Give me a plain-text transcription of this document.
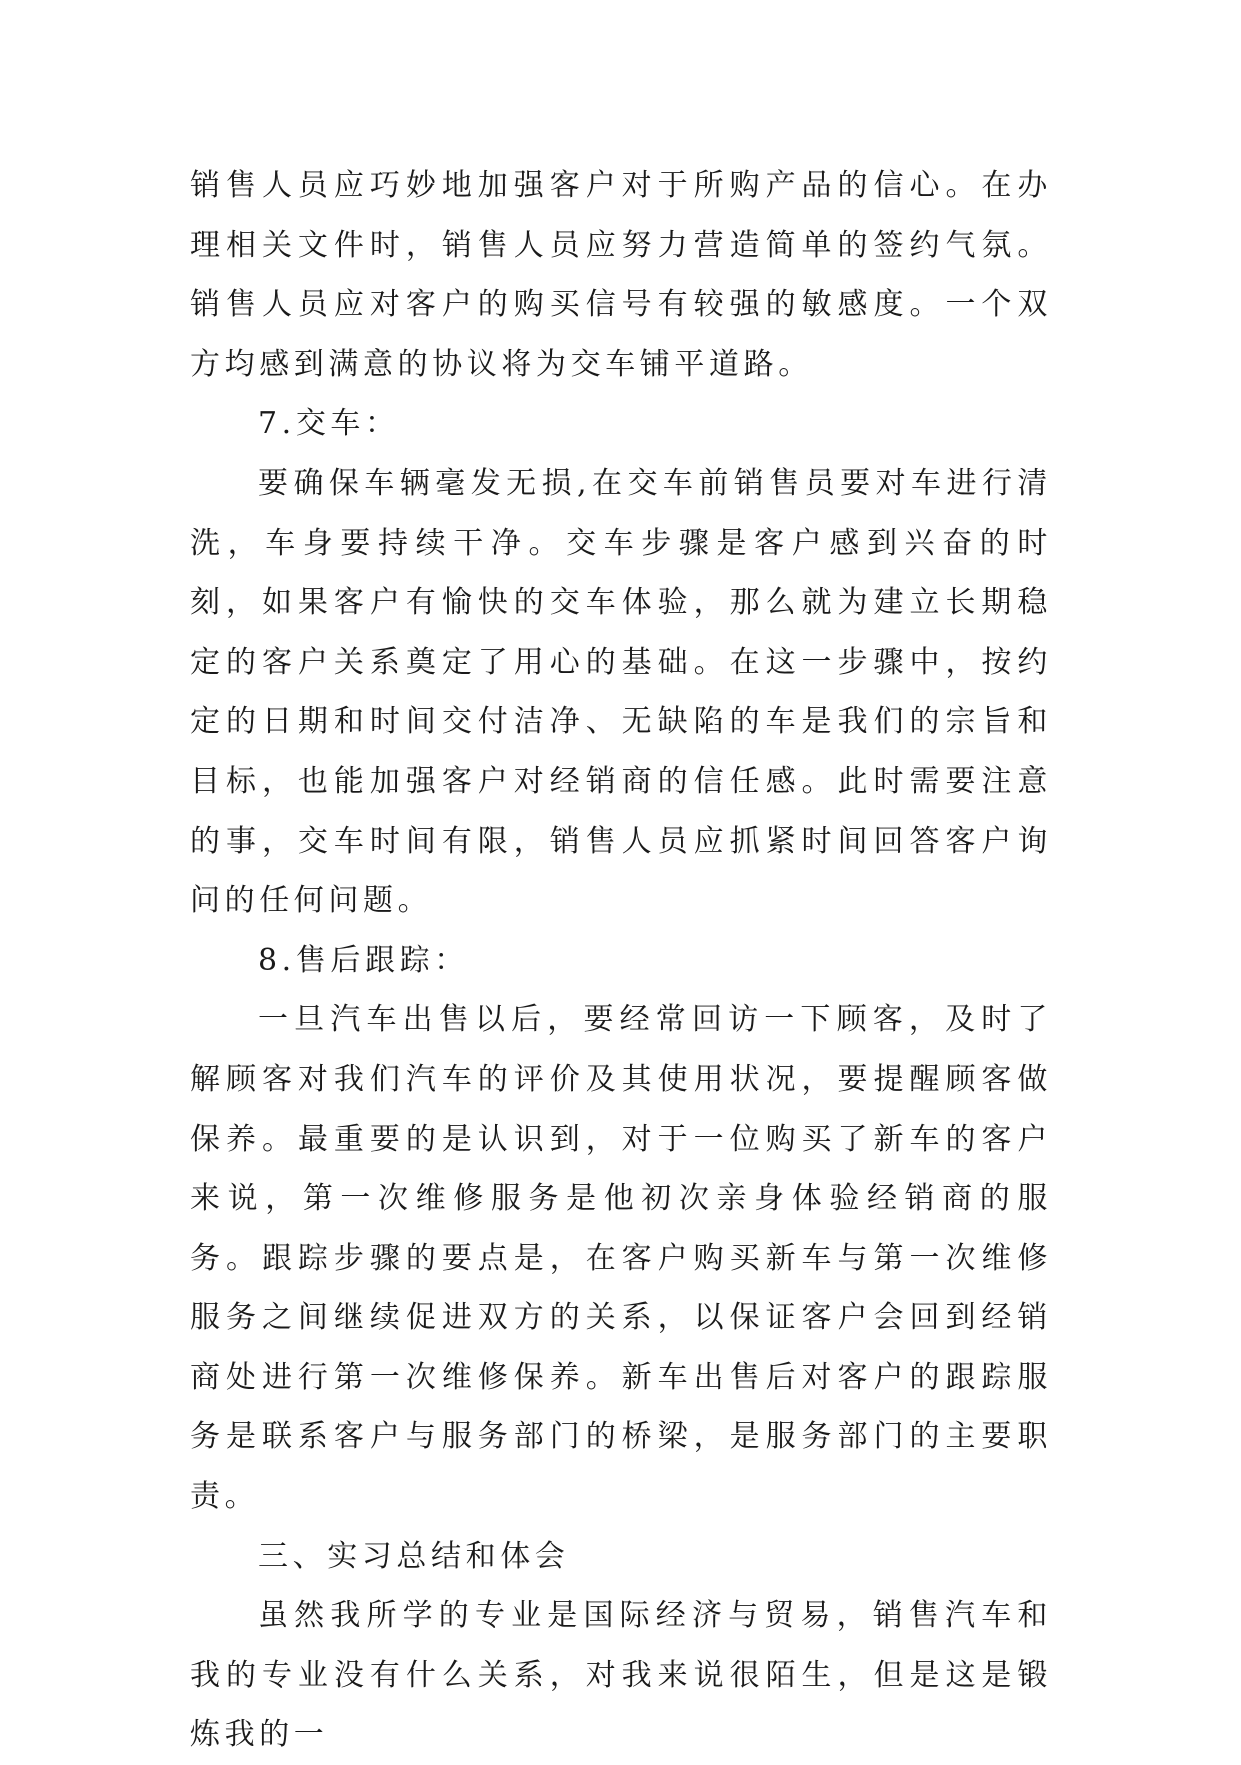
销售人员应巧妙地加强客户对于所购产品的信心。在办理相关文件时，销售人员应努力营造简单的签约气氛。销售人员应对客户的购买信号有较强的敏感度。一个双方均感到满意的协议将为交车铺平道路。

7.交车：

要确保车辆毫发无损,在交车前销售员要对车进行清洗，车身要持续干净。交车步骤是客户感到兴奋的时刻，如果客户有愉快的交车体验，那么就为建立长期稳定的客户关系奠定了用心的基础。在这一步骤中，按约定的日期和时间交付洁净、无缺陷的车是我们的宗旨和目标，也能加强客户对经销商的信任感。此时需要注意的事，交车时间有限，销售人员应抓紧时间回答客户询问的任何问题。

8.售后跟踪：

一旦汽车出售以后，要经常回访一下顾客，及时了解顾客对我们汽车的评价及其使用状况，要提醒顾客做保养。最重要的是认识到，对于一位购买了新车的客户来说，第一次维修服务是他初次亲身体验经销商的服务。跟踪步骤的要点是，在客户购买新车与第一次维修服务之间继续促进双方的关系，以保证客户会回到经销商处进行第一次维修保养。新车出售后对客户的跟踪服务是联系客户与服务部门的桥梁，是服务部门的主要职责。

三、实习总结和体会

虽然我所学的专业是国际经济与贸易，销售汽车和我的专业没有什么关系，对我来说很陌生，但是这是锻炼我的一
